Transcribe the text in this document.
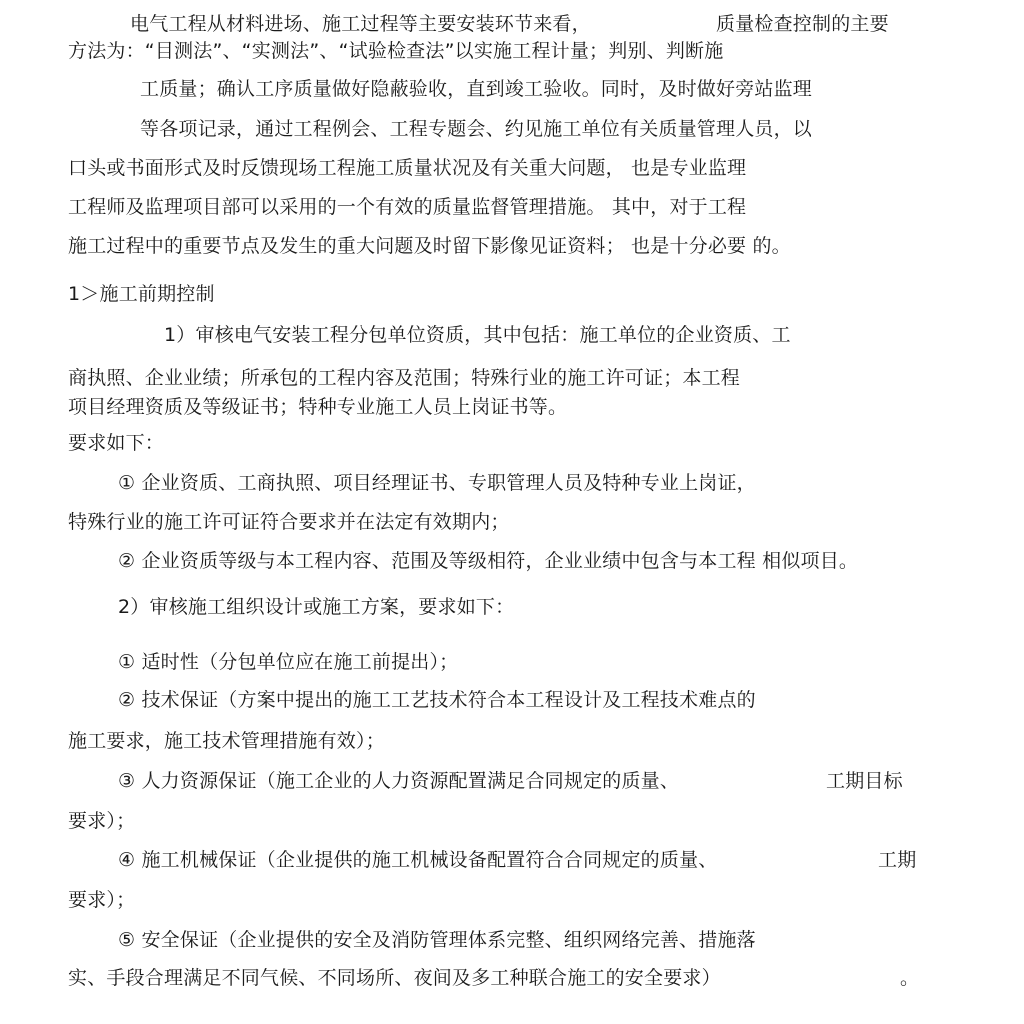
电气工程从材料进场、施工过程等主要安装环节来看，	质量检查控制的主要
方法为：“目测法”、“实测法”、“试验检查法”以实施工程计量；判别、判断施
工质量；确认工序质量做好隐蔽验收，直到竣工验收。同时，及时做好旁站监理
等各项记录，通过工程例会、工程专题会、约见施工单位有关质量管理人员，以
口头或书面形式及时反馈现场工程施工质量状况及有关重大问题， 也是专业监理
工程师及监理项目部可以采用的一个有效的质量监督管理措施。 其中，对于工程
施工过程中的重要节点及发生的重大问题及时留下影像见证资料； 也是十分必要 的。
1＞施工前期控制
1）审核电气安装工程分包单位资质，其中包括：施工单位的企业资质、工
商执照、企业业绩；所承包的工程内容及范围；特殊行业的施工许可证；本工程
项目经理资质及等级证书；特种专业施工人员上岗证书等。
要求如下：
① 企业资质、工商执照、项目经理证书、专职管理人员及特种专业上岗证，
特殊行业的施工许可证符合要求并在法定有效期内；
② 企业资质等级与本工程内容、范围及等级相符，企业业绩中包含与本工程 相似项目。
2）审核施工组织设计或施工方案，要求如下：
① 适时性（分包单位应在施工前提出）；
② 技术保证（方案中提出的施工工艺技术符合本工程设计及工程技术难点的
施工要求，施工技术管理措施有效）；
③ 人力资源保证（施工企业的人力资源配置满足合同规定的质量、	工期目标
要求）；
④ 施工机械保证（企业提供的施工机械设备配置符合合同规定的质量、	工期
要求）；
⑤ 安全保证（企业提供的安全及消防管理体系完整、组织网络完善、措施落
实、手段合理满足不同气候、不同场所、夜间及多工种联合施工的安全要求）	。
